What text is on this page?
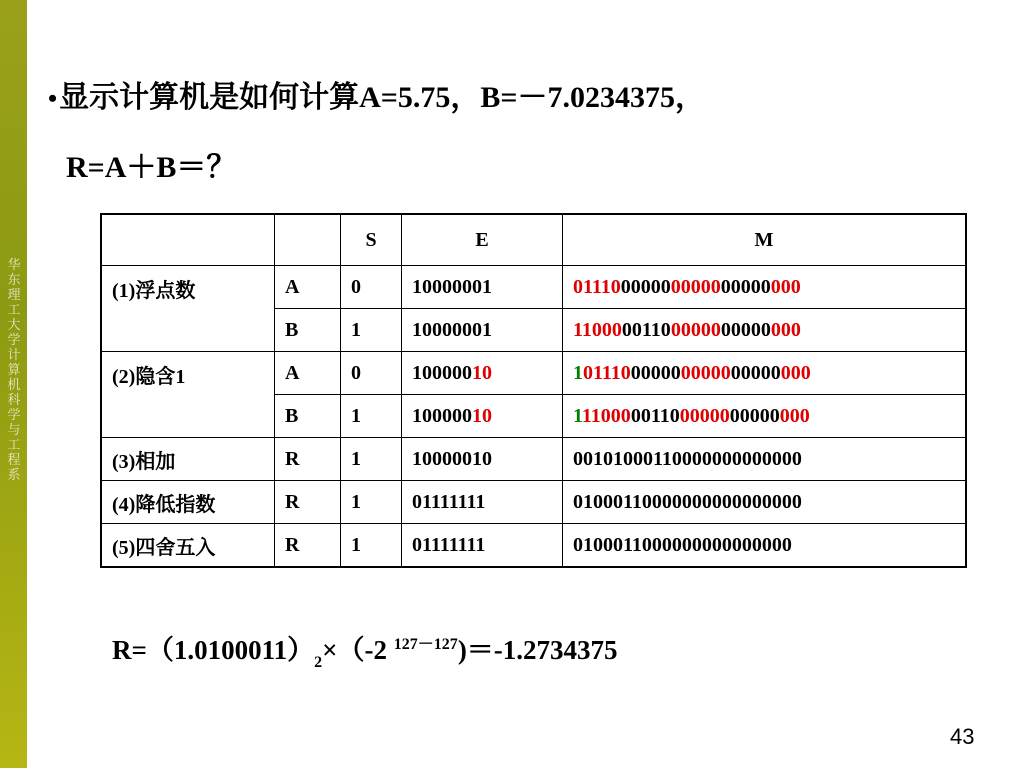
华东理工大学计算机科学与工程系
•显示计算机是如何计算A=5.75，B=－7.0234375，
R=A＋B＝？
		S	E	M
(1)浮点数	A	0	10000001	01110000000000000000000
	B	1	10000001	11000001100000000000000
(2)隐含1	A	0	10000010	101110000000000000000000
	B	1	10000010	111000001100000000000000
(3)相加	R	1	10000010	00101000110000000000000
(4)降低指数	R	1	01111111	01000110000000000000000
(5)四舍五入	R	1	01111111	0100011000000000000000
$R=(1.0100011)_2\times(-2$ $^{127-127}$)＝-1.2734375
43
